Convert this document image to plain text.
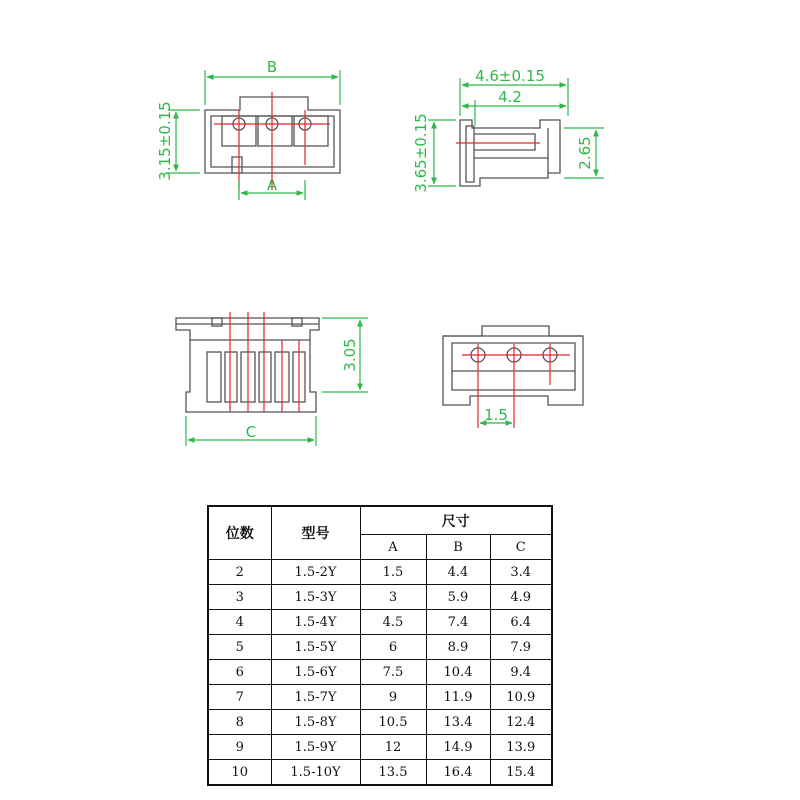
B
3.15±0.15
A
4.6±0.15
4.2
3.65±0.15	2.65
3.05
C
1.5
位数	型号	尺寸		
		A	B	C
2	1.5-2Y	1.5	4.4	3.4
3	1.5-3Y	3	5.9	4.9
4	1.5-4Y	4.5	7.4	6.4
5	1.5-5Y	6	8.9	7.9
6	1.5-6Y	7.5	10.4	9.4
7	1.5-7Y	9	11.9	10.9
8	1.5-8Y	10.5	13.4	12.4
9	1.5-9Y	12	14.9	13.9
10	1.5-10Y	13.5	16.4	15.4
